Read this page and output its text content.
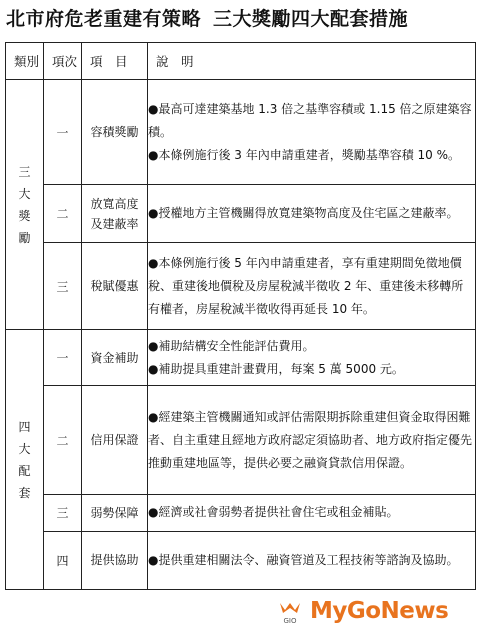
北市府危老重建有策略 三大獎勵四大配套措施
類別	項次	項　目	說　明
三大獎勵	一	容積獎勵	●最高可達建築基地 1.3 倍之基準容積或 1.15 倍之原建築容積。
●本條例施行後 3 年內申請重建者，獎勵基準容積 10 %。

	二	放寬高度
及建蔽率	●授權地方主管機關得放寬建築物高度及住宅區之建蔽率。

	三	稅賦優惠	●本條例施行後 5 年內申請重建者，享有重建期間免徵地價稅、重建後地價稅及房屋稅減半徵收 2 年、重建後未移轉所有權者，房屋稅減半徵收得再延長 10 年。

四大配套	一	資金補助	●補助結構安全性能評估費用。
●補助提具重建計畫費用，每案 5 萬 5000 元。

	二	信用保證	●經建築主管機關通知或評估需限期拆除重建但資金取得困難者、自主重建且經地方政府認定須協助者、地方政府指定優先推動重建地區等，提供必要之融資貸款信用保證。

	三	弱勢保障	●經濟或社會弱勢者提供社會住宅或租金補貼。

	四	提供協助	●提供重建相關法令、融資管道及工程技術等諮詢及協助。
GIO MyGoNews
